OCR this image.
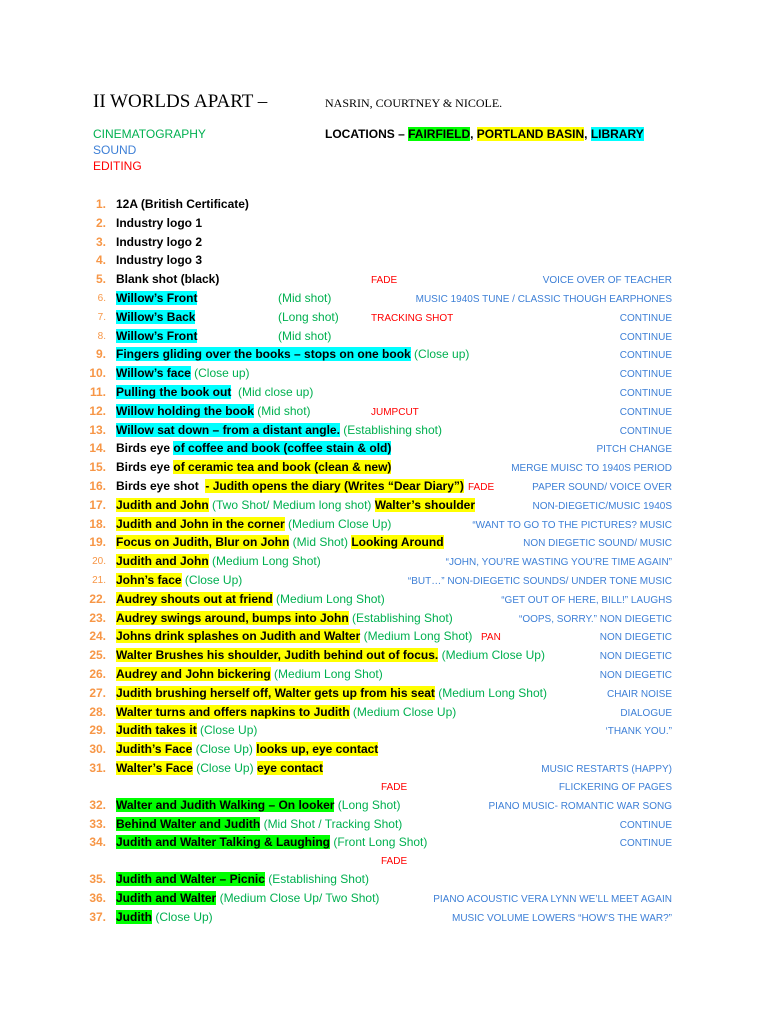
II WORLDS APART –	NASRIN, COURTNEY & NICOLE.
CINEMATOGRAPHY
SOUND
EDITING
LOCATIONS – FAIRFIELD, PORTLAND BASIN, LIBRARY
1. 12A (British Certificate)
2. Industry logo 1
3. Industry logo 2
4. Industry logo 3
5. Blank shot (black)	FADE	VOICE OVER OF TEACHER
6. Willow’s Front	(Mid shot)	MUSIC 1940S TUNE / CLASSIC THOUGH EARPHONES
7. Willow’s Back	(Long shot)	TRACKING SHOT	CONTINUE
8. Willow’s Front	(Mid shot)	CONTINUE
9. Fingers gliding over the books – stops on one book (Close up)	CONTINUE
10. Willow’s face (Close up)	CONTINUE
11. Pulling the book out  (Mid close up)	CONTINUE
12. Willow holding the book (Mid shot)	JUMPCUT	CONTINUE
13. Willow sat down – from a distant angle. (Establishing shot)	CONTINUE
14. Birds eye of coffee and book (coffee stain & old)	PITCH CHANGE
15. Birds eye of ceramic tea and book (clean & new)	MERGE MUISC TO 1940S PERIOD
16. Birds eye shot  - Judith opens the diary (Writes “Dear Diary”) FADE	PAPER SOUND/ VOICE OVER
17. Judith and John (Two Shot/ Medium long shot) Walter’s shoulder	NON-DIEGETIC/MUSIC 1940S
18. Judith and John in the corner (Medium Close Up)	“WANT TO GO TO THE PICTURES? MUSIC
19. Focus on Judith, Blur on John (Mid Shot) Looking Around	NON DIEGETIC SOUND/ MUSIC
20. Judith and John (Medium Long Shot)	“JOHN, YOU’RE WASTING YOU’RE TIME AGAIN”
21. John’s face (Close Up)	“BUT…” NON-DIEGETIC SOUNDS/ UNDER TONE MUSIC
22. Audrey shouts out at friend (Medium Long Shot)	“GET OUT OF HERE, BILL!” LAUGHS
23. Audrey swings around, bumps into John (Establishing Shot)	“OOPS, SORRY.” NON DIEGETIC
24. Johns drink splashes on Judith and Walter (Medium Long Shot) PAN	NON DIEGETIC
25. Walter Brushes his shoulder, Judith behind out of focus. (Medium Close Up)	NON DIEGETIC
26. Audrey and John bickering (Medium Long Shot)	NON DIEGETIC
27. Judith brushing herself off, Walter gets up from his seat (Medium Long Shot)	CHAIR NOISE
28. Walter turns and offers napkins to Judith (Medium Close Up)	DIALOGUE
29. Judith takes it (Close Up)	‘THANK YOU.”
30. Judith’s Face (Close Up) looks up, eye contact
31. Walter’s Face (Close Up) eye contact	MUSIC RESTARTS (HAPPY)
FADE	FLICKERING OF PAGES
32. Walter and Judith Walking – On looker (Long Shot)	PIANO MUSIC- ROMANTIC WAR SONG
33. Behind Walter and Judith (Mid Shot / Tracking Shot)	CONTINUE
34. Judith and Walter Talking & Laughing (Front Long Shot)	CONTINUE
FADE
35. Judith and Walter – Picnic (Establishing Shot)
36. Judith and Walter (Medium Close Up/ Two Shot)	PIANO ACOUSTIC VERA LYNN WE’LL MEET AGAIN
37. Judith (Close Up)	MUSIC VOLUME LOWERS “HOW’S THE WAR?”
